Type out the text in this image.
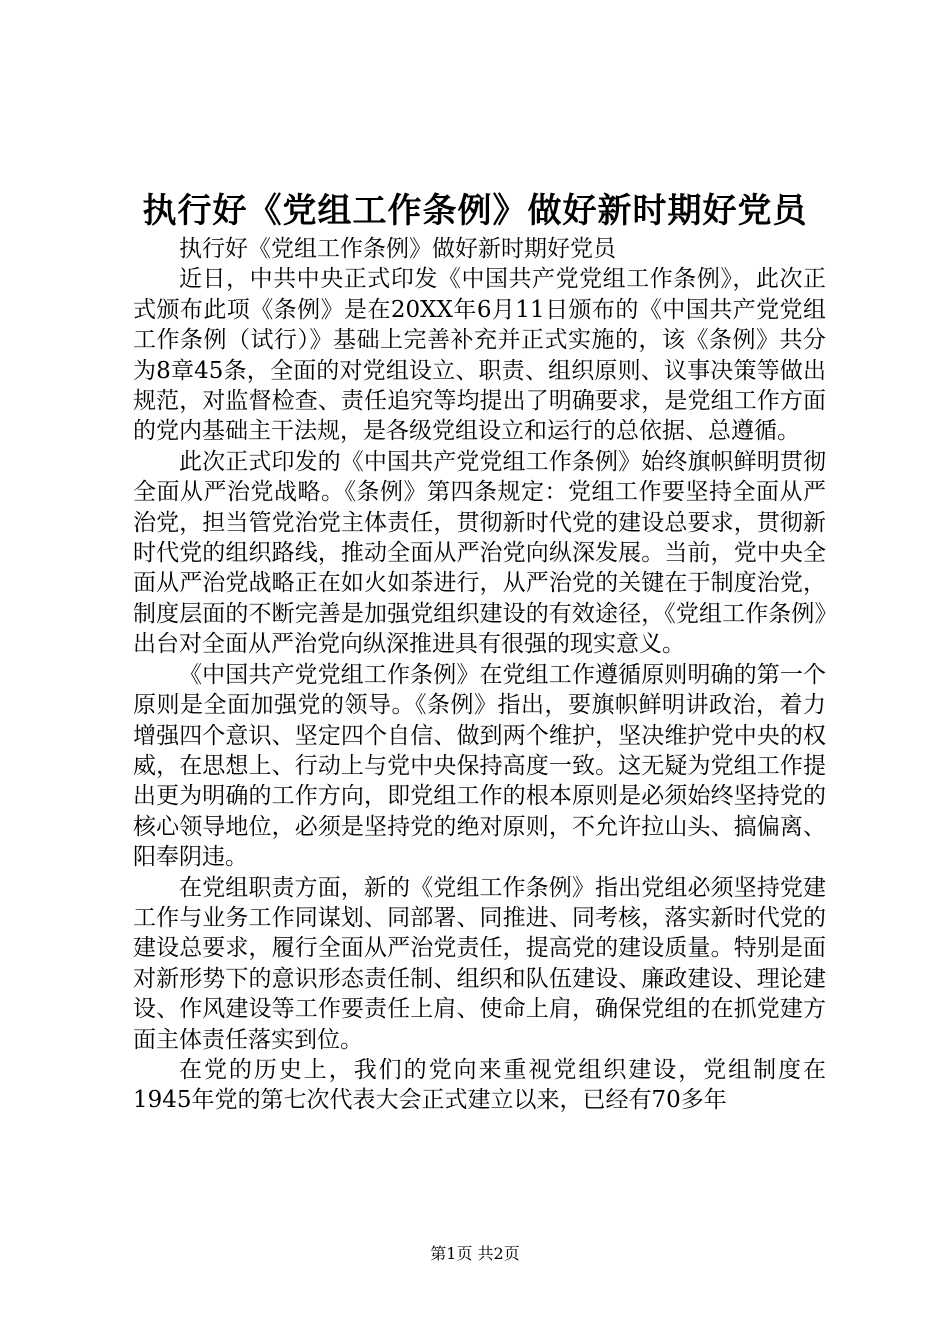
执行好《党组工作条例》做好新时期好党员

执行好《党组工作条例》做好新时期好党员

近日，中共中央正式印发《中国共产党党组工作条例》，此次正式颁布此项《条例》是在20XX年6月11日颁布的《中国共产党党组工作条例（试行）》基础上完善补充并正式实施的，该《条例》共分为8章45条，全面的对党组设立、职责、组织原则、议事决策等做出规范，对监督检查、责任追究等均提出了明确要求，是党组工作方面的党内基础主干法规，是各级党组设立和运行的总依据、总遵循。

此次正式印发的《中国共产党党组工作条例》始终旗帜鲜明贯彻全面从严治党战略。《条例》第四条规定：党组工作要坚持全面从严治党，担当管党治党主体责任，贯彻新时代党的建设总要求，贯彻新时代党的组织路线，推动全面从严治党向纵深发展。当前，党中央全面从严治党战略正在如火如荼进行，从严治党的关键在于制度治党，制度层面的不断完善是加强党组织建设的有效途径，《党组工作条例》出台对全面从严治党向纵深推进具有很强的现实意义。

《中国共产党党组工作条例》在党组工作遵循原则明确的第一个原则是全面加强党的领导。《条例》指出，要旗帜鲜明讲政治，着力增强四个意识、坚定四个自信、做到两个维护，坚决维护党中央的权威，在思想上、行动上与党中央保持高度一致。这无疑为党组工作提出更为明确的工作方向，即党组工作的根本原则是必须始终坚持党的核心领导地位，必须是坚持党的绝对原则，不允许拉山头、搞偏离、阳奉阴违。

在党组职责方面，新的《党组工作条例》指出党组必须坚持党建工作与业务工作同谋划、同部署、同推进、同考核，落实新时代党的建设总要求，履行全面从严治党责任，提高党的建设质量。特别是面对新形势下的意识形态责任制、组织和队伍建设、廉政建设、理论建设、作风建设等工作要责任上肩、使命上肩，确保党组的在抓党建方面主体责任落实到位。

在党的历史上，我们的党向来重视党组织建设，党组制度在1945年党的第七次代表大会正式建立以来，已经有70多年

第1页 共2页
